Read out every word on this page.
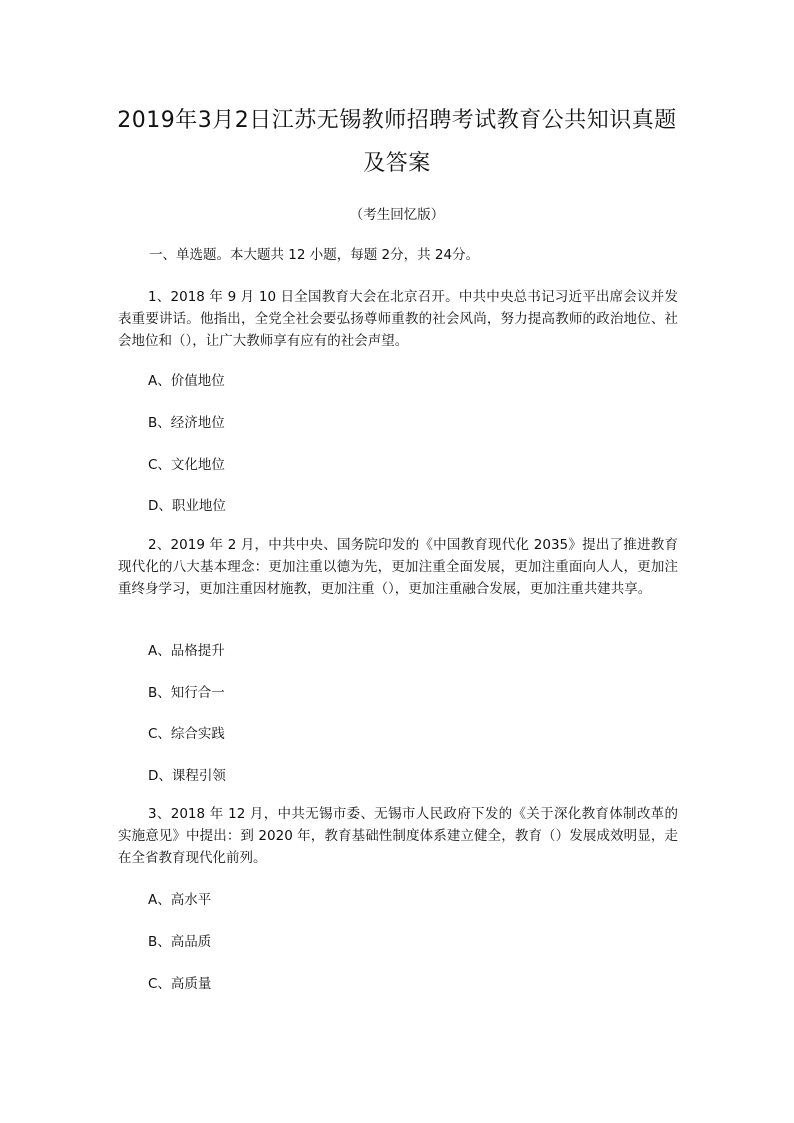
2019年3月2日江苏无锡教师招聘考试教育公共知识真题
及答案
（考生回忆版）
一、单选题。本大题共 12 小题，每题 2分，共 24分。
1、2018 年 9 月 10 日全国教育大会在北京召开。中共中央总书记习近平出席会议并发表重要讲话。他指出，全党全社会要弘扬尊师重教的社会风尚，努力提高教师的政治地位、社会地位和（），让广大教师享有应有的社会声望。
A、价值地位
B、经济地位
C、文化地位
D、职业地位
2、2019 年 2 月，中共中央、国务院印发的《中国教育现代化 2035》提出了推进教育现代化的八大基本理念：更加注重以德为先，更加注重全面发展，更加注重面向人人，更加注重终身学习，更加注重因材施教，更加注重（），更加注重融合发展，更加注重共建共享。
A、品格提升
B、知行合一
C、综合实践
D、课程引领
3、2018 年 12 月，中共无锡市委、无锡市人民政府下发的《关于深化教育体制改革的实施意见》中提出：到 2020 年，教育基础性制度体系建立健全，教育（）发展成效明显，走在全省教育现代化前列。
A、高水平
B、高品质
C、高质量
